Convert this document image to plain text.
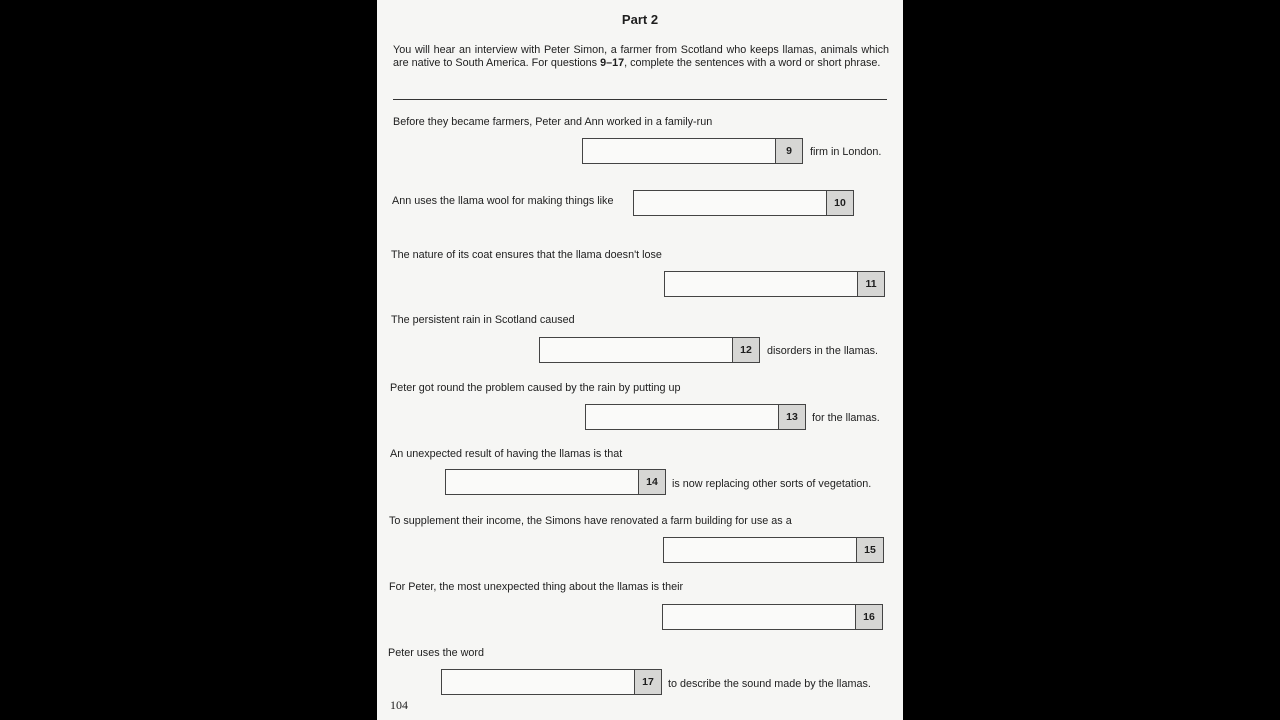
Part 2
You will hear an interview with Peter Simon, a farmer from Scotland who keeps llamas, animals which are native to South America. For questions 9–17, complete the sentences with a word or short phrase.
Before they became farmers, Peter and Ann worked in a family-run
9	firm in London.
Ann uses the llama wool for making things like	10
The nature of its coat ensures that the llama doesn't lose
11
The persistent rain in Scotland caused
12	disorders in the llamas.
Peter got round the problem caused by the rain by putting up
13	for the llamas.
An unexpected result of having the llamas is that
14	is now replacing other sorts of vegetation.
To supplement their income, the Simons have renovated a farm building for use as a
15
For Peter, the most unexpected thing about the llamas is their
16
Peter uses the word
17	to describe the sound made by the llamas.
104
